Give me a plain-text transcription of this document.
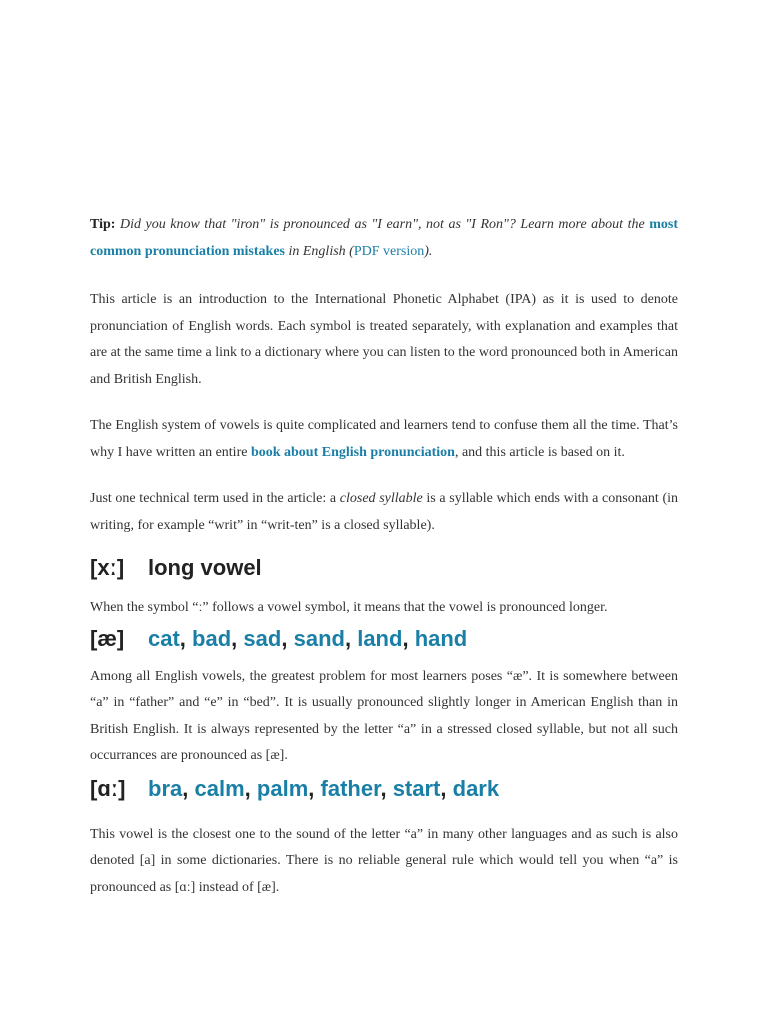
Tip: Did you know that "iron" is pronounced as "I earn", not as "I Ron"? Learn more about the most common pronunciation mistakes in English (PDF version).

This article is an introduction to the International Phonetic Alphabet (IPA) as it is used to denote pronunciation of English words. Each symbol is treated separately, with explanation and examples that are at the same time a link to a dictionary where you can listen to the word pronounced both in American and British English.

The English system of vowels is quite complicated and learners tend to confuse them all the time. That’s why I have written an entire book about English pronunciation, and this article is based on it.

Just one technical term used in the article: a closed syllable is a syllable which ends with a consonant (in writing, for example “writ” in “writ-ten” is a closed syllable).

[xː] long vowel

When the symbol “ː” follows a vowel symbol, it means that the vowel is pronounced longer.

[æ] cat, bad, sad, sand, land, hand

Among all English vowels, the greatest problem for most learners poses “æ”. It is somewhere between “a” in “father” and “e” in “bed”. It is usually pronounced slightly longer in American English than in British English. It is always represented by the letter “a” in a stressed closed syllable, but not all such occurrances are pronounced as [æ].

[ɑː] bra, calm, palm, father, start, dark

This vowel is the closest one to the sound of the letter “a” in many other languages and as such is also denoted [a] in some dictionaries. There is no reliable general rule which would tell you when “a” is pronounced as [ɑː] instead of [æ].
